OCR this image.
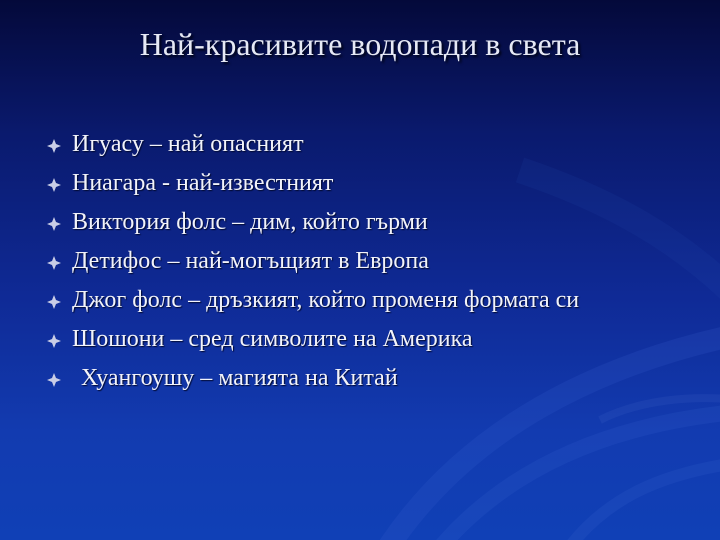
Най-красивите водопади в света
Игуасу – най опасният
Ниагара - най-известният
Виктория фолс – дим, който гърми
Детифос – най-могъщият в Европа
Джог фолс – дръзкият, който променя формата си
Шошони – сред символите на Америка
Хуангоушу – магията на Китай
